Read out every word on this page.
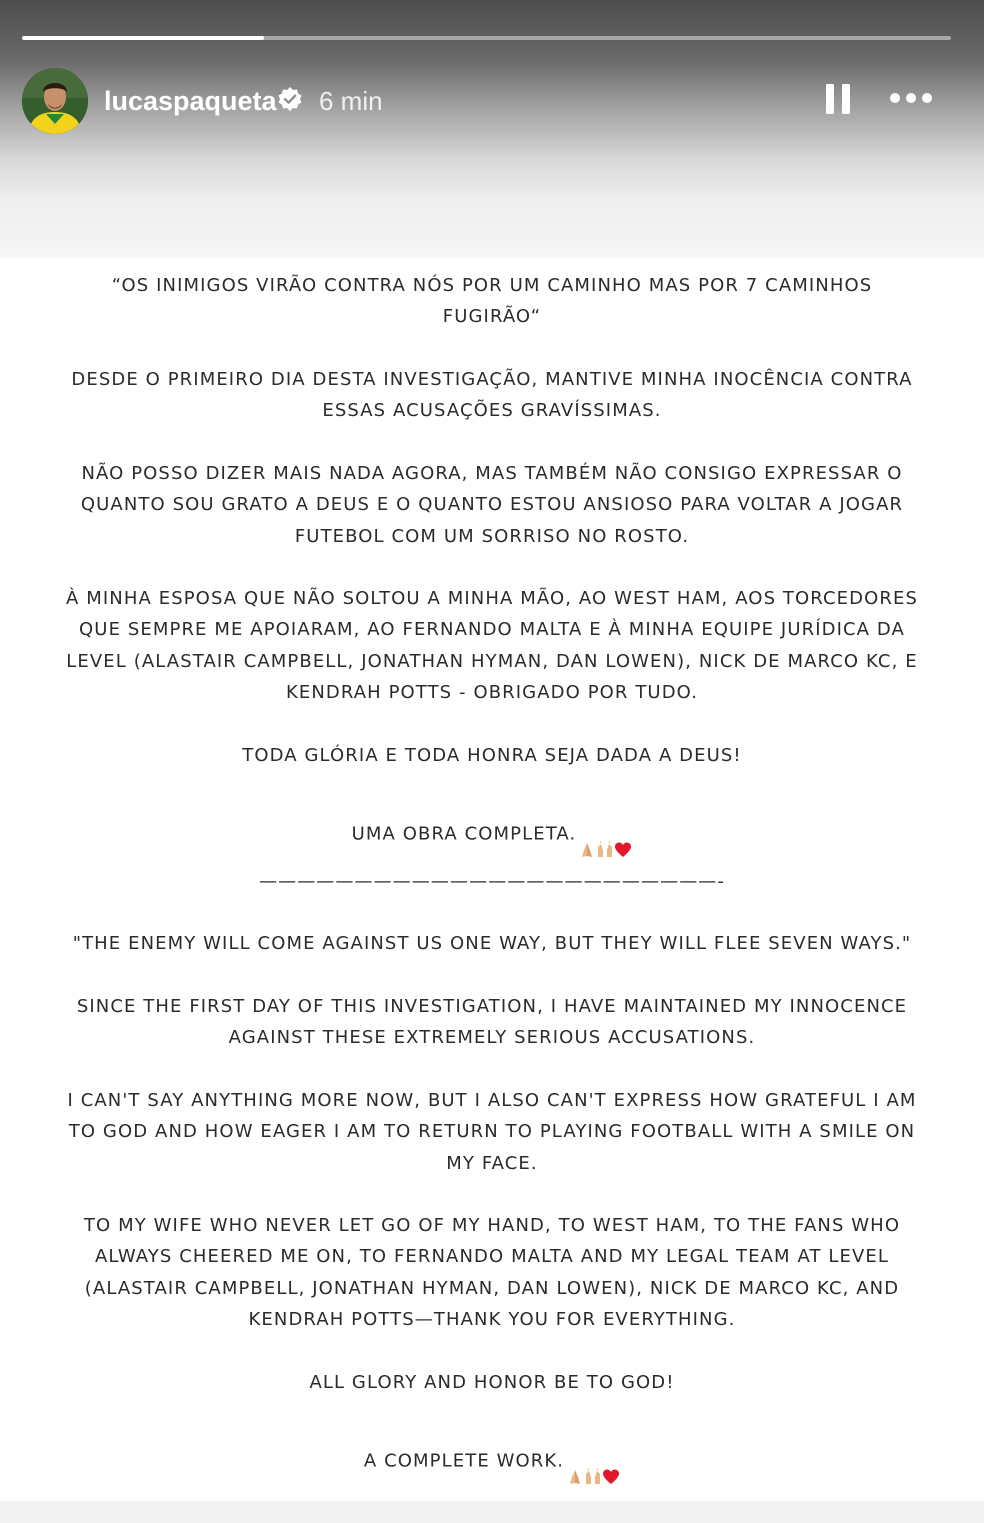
lucaspaqueta 6 min
“OS INIMIGOS VIRÃO CONTRA NÓS POR UM CAMINHO MAS POR 7 CAMINHOS
FUGIRÃO“
DESDE O PRIMEIRO DIA DESTA INVESTIGAÇÃO, MANTIVE MINHA INOCÊNCIA CONTRA
ESSAS ACUSAÇÕES GRAVÍSSIMAS.
NÃO POSSO DIZER MAIS NADA AGORA, MAS TAMBÉM NÃO CONSIGO EXPRESSAR O
QUANTO SOU GRATO A DEUS E O QUANTO ESTOU ANSIOSO PARA VOLTAR A JOGAR
FUTEBOL COM UM SORRISO NO ROSTO.
À MINHA ESPOSA QUE NÃO SOLTOU A MINHA MÃO, AO WEST HAM, AOS TORCEDORES
QUE SEMPRE ME APOIARAM, AO FERNANDO MALTA E À MINHA EQUIPE JURÍDICA DA
LEVEL (ALASTAIR CAMPBELL, JONATHAN HYMAN, DAN LOWEN), NICK DE MARCO KC, E
KENDRAH POTTS - OBRIGADO POR TUDO.
TODA GLÓRIA E TODA HONRA SEJA DADA A DEUS!
UMA OBRA COMPLETA.

————————————————————————-
"THE ENEMY WILL COME AGAINST US ONE WAY, BUT THEY WILL FLEE SEVEN WAYS."
SINCE THE FIRST DAY OF THIS INVESTIGATION, I HAVE MAINTAINED MY INNOCENCE
AGAINST THESE EXTREMELY SERIOUS ACCUSATIONS.
I CAN'T SAY ANYTHING MORE NOW, BUT I ALSO CAN'T EXPRESS HOW GRATEFUL I AM
TO GOD AND HOW EAGER I AM TO RETURN TO PLAYING FOOTBALL WITH A SMILE ON
MY FACE.
TO MY WIFE WHO NEVER LET GO OF MY HAND, TO WEST HAM, TO THE FANS WHO
ALWAYS CHEERED ME ON, TO FERNANDO MALTA AND MY LEGAL TEAM AT LEVEL
(ALASTAIR CAMPBELL, JONATHAN HYMAN, DAN LOWEN), NICK DE MARCO KC, AND
KENDRAH POTTS—THANK YOU FOR EVERYTHING.
ALL GLORY AND HONOR BE TO GOD!
A COMPLETE WORK.
